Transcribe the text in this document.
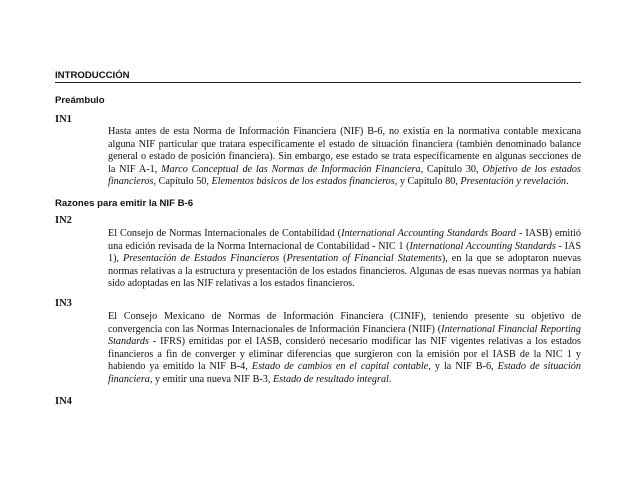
INTRODUCCIÓN
Preámbulo
IN1
Hasta antes de esta Norma de Información Financiera (NIF) B-6, no existía en la normativa contable mexicana alguna NIF particular que tratara específicamente el estado de situación financiera (también denominado balance general o estado de posición financiera). Sin embargo, ese estado se trata específicamente en algunas secciones de la NIF A-1, Marco Conceptual de las Normas de Información Financiera, Capítulo 30, Objetivo de los estados financieros, Capítulo 50, Elementos básicos de los estados financieros, y Capítulo 80, Presentación y revelación.
Razones para emitir la NIF B-6
IN2
El Consejo de Normas Internacionales de Contabilidad (International Accounting Standards Board - IASB) emitió una edición revisada de la Norma Internacional de Contabilidad - NIC 1 (International Accounting Standards - IAS 1), Presentación de Estados Financieros (Presentation of Financial Statements), en la que se adoptaron nuevas normas relativas a la estructura y presentación de los estados financieros. Algunas de esas nuevas normas ya habían sido adoptadas en las NIF relativas a los estados financieros.
IN3
El Consejo Mexicano de Normas de Información Financiera (CINIF), teniendo presente su objetivo de convergencia con las Normas Internacionales de Información Financiera (NIIF) (International Financial Reporting Standards - IFRS) emitidas por el IASB, consideró necesario modificar las NIF vigentes relativas a los estados financieros a fin de converger y eliminar diferencias que surgieron con la emisión por el IASB de la NIC 1 y habiendo ya emitido la NIF B-4, Estado de cambios en el capital contable, y la NIF B-6, Estado de situación financiera, y emitir una nueva NIF B-3, Estado de resultado integral.
IN4
